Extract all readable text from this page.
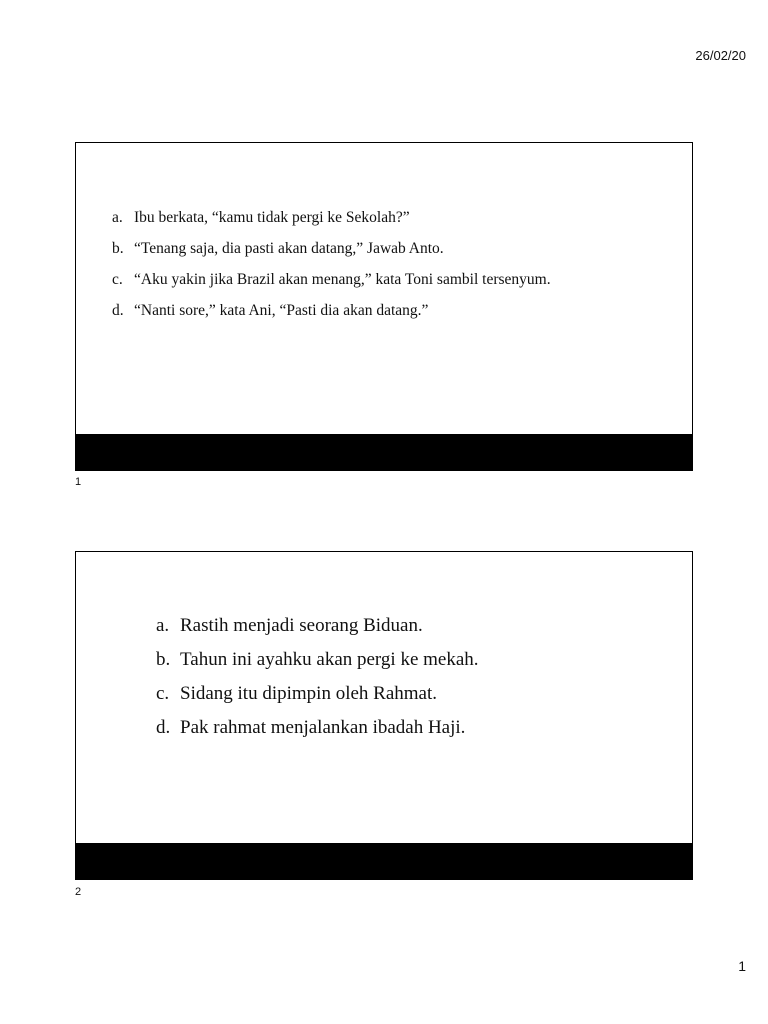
26/02/20
a. Ibu berkata, “kamu tidak pergi ke Sekolah?”
b. “Tenang saja, dia pasti akan datang,” Jawab Anto.
c. “Aku yakin jika Brazil akan menang,” kata Toni sambil tersenyum.
d. “Nanti sore,” kata Ani, “Pasti dia akan datang.”
1
a. Rastih menjadi seorang Biduan.
b. Tahun ini ayahku akan pergi ke mekah.
c. Sidang itu dipimpin oleh Rahmat.
d. Pak rahmat menjalankan ibadah Haji.
2
1
